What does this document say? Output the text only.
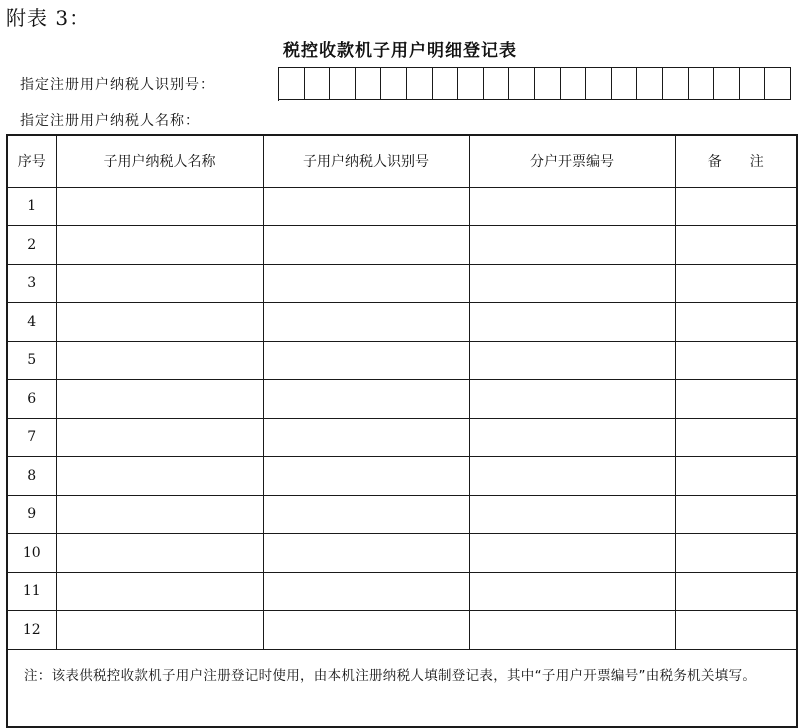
附表 3：
税控收款机子用户明细登记表
指定注册用户纳税人识别号：
指定注册用户纳税人名称：
序号	子用户纳税人名称	子用户纳税人识别号	分户开票编号	备注
1				
2				
3				
4				
5				
6				
7				
8				
9				
10				
11				
12				
注：该表供税控收款机子用户注册登记时使用，由本机注册纳税人填制登记表，其中“子用户开票编号”由税务机关填写。				
